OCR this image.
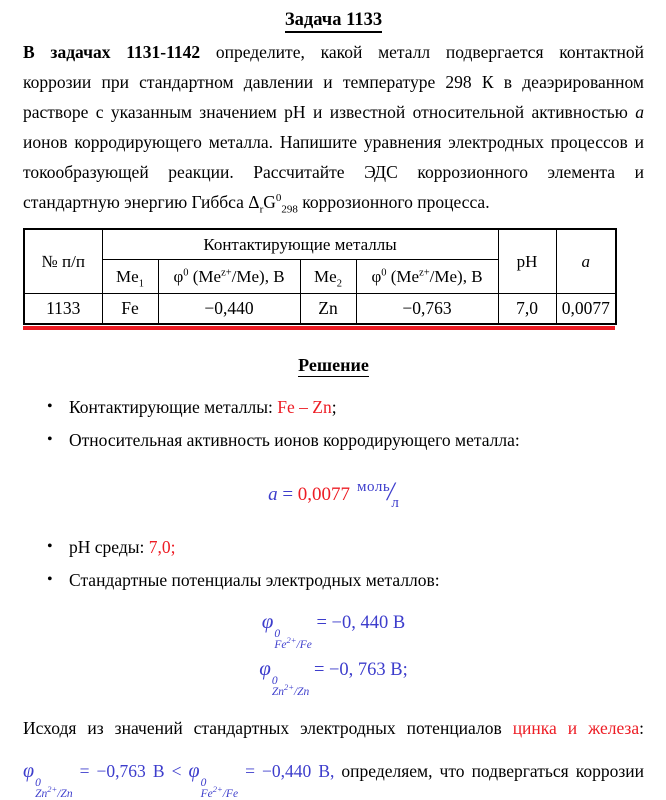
Задача 1133
В задачах 1131-1142 определите, какой металл подвергается контактной
коррозии при стандартном давлении и температуре 298 К в деаэрированном
растворе с указанным значением pH и известной относительной активностью a
ионов корродирующего металла. Напишите уравнения электродных процессов и
токообразующей реакции. Рассчитайте ЭДС коррозионного элемента и
стандартную энергию Гиббса $\Delta_rG^0_{298}$ коррозионного процесса.
№ п/п	Контактирующие металлы				pH	a
	$Me_1$	$\varphi^0$ $(Me^{z+}/Me)$, В	$Me_2$	$\varphi^0$ $(Me^{z+}/Me)$, В		
1133	Fe	−0,440	Zn	−0,763	7,0	0,0077
Решение
• Контактирующие металлы: Fe – Zn;
• Относительная активность ионов корродирующего металла:
a = 0,0077 $^{моль}/_л$
• pH среды: 7,0;
• Стандартные потенциалы электродных металлов:
φ
0
$Fe^{2+}/Fe$
= −0, 440 В
φ
0
$Zn^{2+}/Zn$
= −0, 763 В;
Исходя из значений стандартных электродных потенциалов цинка и железа:
φ
0
$Zn^{2+}/Zn$
= −0,763 В < φ
0
$Fe^{2+}/Fe$
= −0,440 В, определяем, что подвергаться коррозии
